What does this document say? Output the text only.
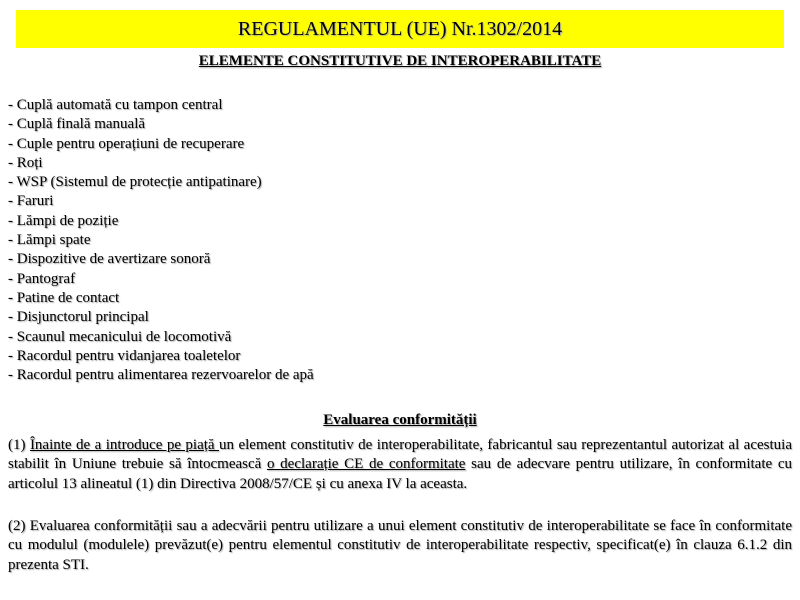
REGULAMENTUL (UE) Nr.1302/2014
ELEMENTE CONSTITUTIVE DE INTEROPERABILITATE
- Cuplă automată cu tampon central
- Cuplă finală manuală
- Cuple pentru operațiuni de recuperare
- Roți
- WSP (Sistemul de protecție antipatinare)
- Faruri
- Lămpi de poziție
- Lămpi spate
- Dispozitive de avertizare sonoră
- Pantograf
- Patine de contact
- Disjunctorul principal
- Scaunul mecanicului de locomotivă
- Racordul pentru vidanjarea toaletelor
- Racordul pentru alimentarea rezervoarelor de apă
Evaluarea conformității

(1) Înainte de a introduce pe piață un element constitutiv de interoperabilitate, fabricantul sau reprezentantul autorizat al acestuia stabilit în Uniune trebuie să întocmească o declarație CE de conformitate sau de adecvare pentru utilizare, în conformitate cu articolul 13 alineatul (1) din Directiva 2008/57/CE și cu anexa IV la aceasta.

(2) Evaluarea conformității sau a adecvării pentru utilizare a unui element constitutiv de interoperabilitate se face în conformitate cu modulul (modulele) prevăzut(e) pentru elementul constitutiv de interoperabilitate respectiv, specificat(e) în clauza 6.1.2 din prezenta STI.
